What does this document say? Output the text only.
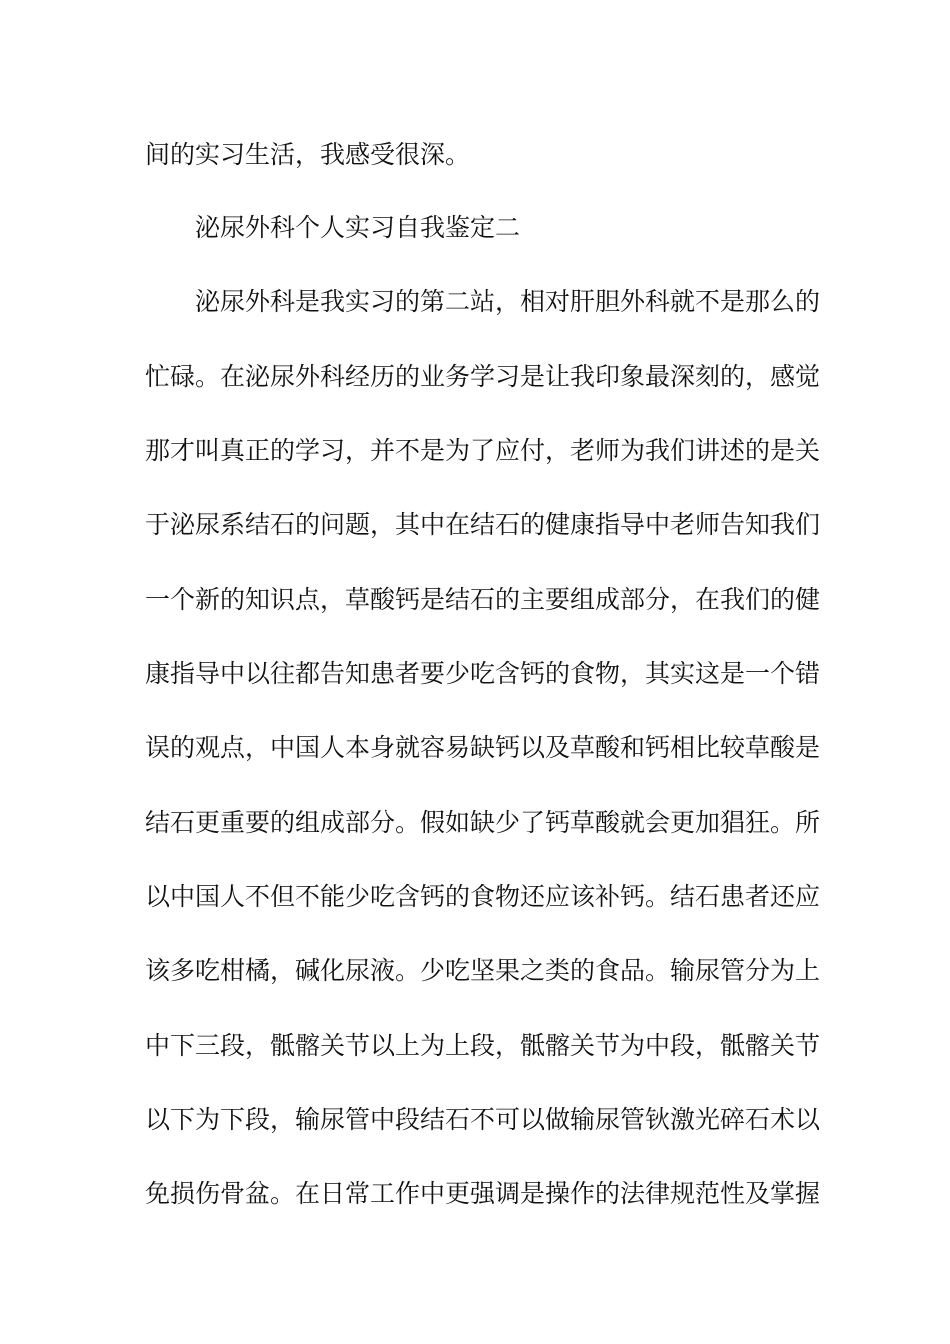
间的实习生活，我感受很深。
泌尿外科个人实习自我鉴定二
泌尿外科是我实习的第二站，相对肝胆外科就不是那么的
忙碌。在泌尿外科经历的业务学习是让我印象最深刻的，感觉
那才叫真正的学习，并不是为了应付，老师为我们讲述的是关
于泌尿系结石的问题，其中在结石的健康指导中老师告知我们
一个新的知识点，草酸钙是结石的主要组成部分，在我们的健
康指导中以往都告知患者要少吃含钙的食物，其实这是一个错
误的观点，中国人本身就容易缺钙以及草酸和钙相比较草酸是
结石更重要的组成部分。假如缺少了钙草酸就会更加猖狂。所
以中国人不但不能少吃含钙的食物还应该补钙。结石患者还应
该多吃柑橘，碱化尿液。少吃坚果之类的食品。输尿管分为上
中下三段，骶髂关节以上为上段，骶髂关节为中段，骶髂关节
以下为下段，输尿管中段结石不可以做输尿管钬激光碎石术以
免损伤骨盆。在日常工作中更强调是操作的法律规范性及掌握
